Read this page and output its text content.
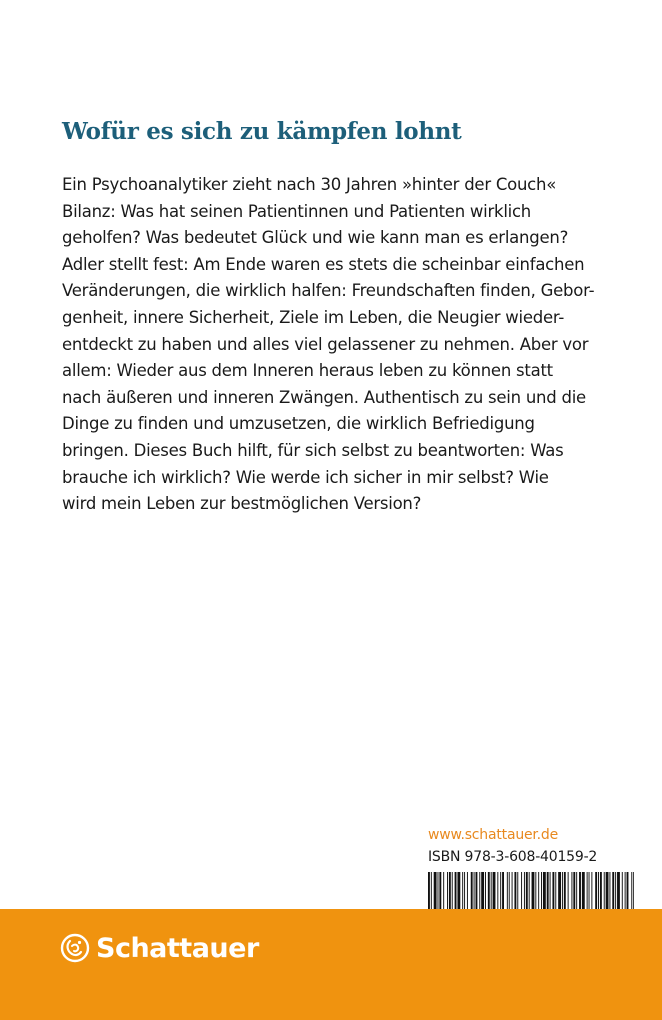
Wofür es sich zu kämpfen lohnt

Ein Psychoanalytiker zieht nach 30 Jahren »hinter der Couch«
Bilanz: Was hat seinen Patientinnen und Patienten wirklich
geholfen? Was bedeutet Glück und wie kann man es erlangen?
Adler stellt fest: Am Ende waren es stets die scheinbar einfachen
Veränderungen, die wirklich halfen: Freundschaften finden, Gebor-
genheit, innere Sicherheit, Ziele im Leben, die Neugier wieder-
entdeckt zu haben und alles viel gelassener zu nehmen. Aber vor
allem: Wieder aus dem Inneren heraus leben zu können statt
nach äußeren und inneren Zwängen. Authentisch zu sein und die
Dinge zu finden und umzusetzen, die wirklich Befriedigung
bringen. Dieses Buch hilft, für sich selbst zu beantworten: Was
brauche ich wirklich? Wie werde ich sicher in mir selbst? Wie
wird mein Leben zur bestmöglichen Version?

www.schattauer.de
ISBN 978-3-608-40159-2
Schattauer
